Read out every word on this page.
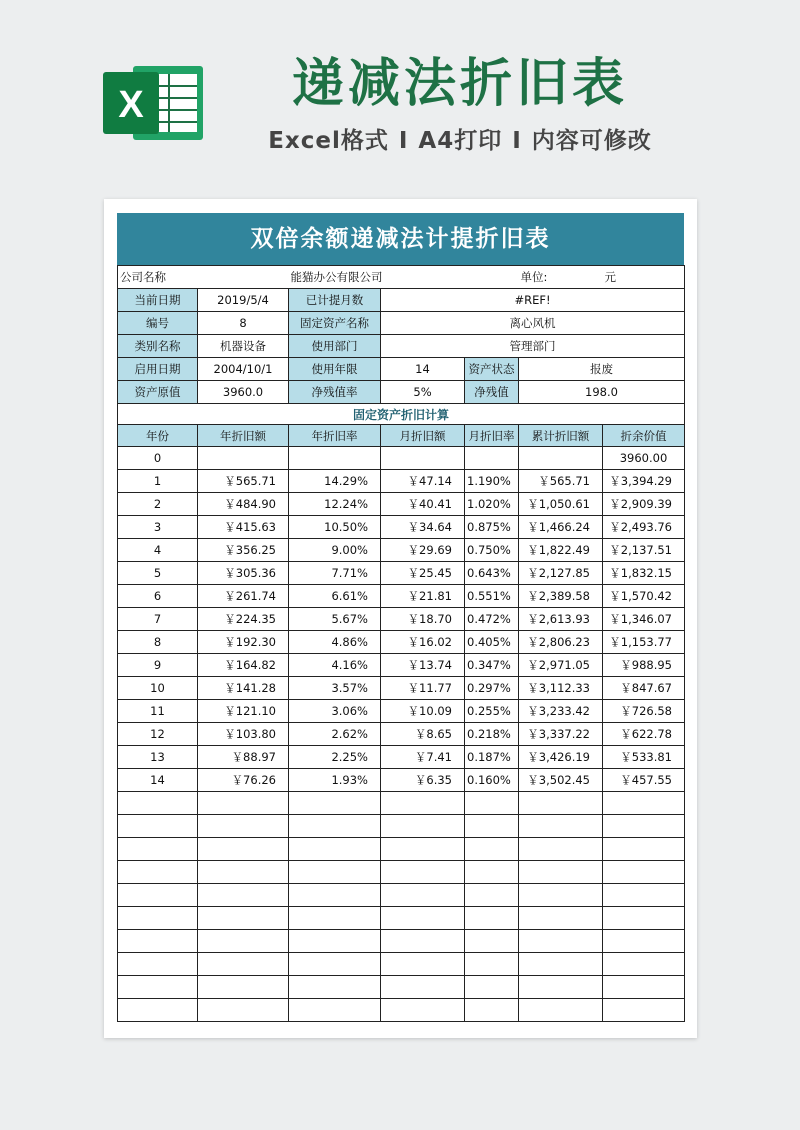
X	递减法折旧表
Excel格式 I A4打印 I 内容可修改
双倍余额递减法计提折旧表
公司名称		能猫办公有限公司			单位:	元
当前日期	2019/5/4	已计提月数	#REF!			
编号	8	固定资产名称	离心风机			
类别名称	机器设备	使用部门	管理部门			
启用日期	2004/10/1	使用年限	14	资产状态	报废	
资产原值	3960.0	净残值率	5%	净残值	198.0	
固定资产折旧计算						
年份	年折旧额	年折旧率	月折旧额	月折旧率	累计折旧额	折余价值
0						3960.00
1	￥565.71	14.29%	￥47.14	1.190%	￥565.71	￥3,394.29
2	￥484.90	12.24%	￥40.41	1.020%	￥1,050.61	￥2,909.39
3	￥415.63	10.50%	￥34.64	0.875%	￥1,466.24	￥2,493.76
4	￥356.25	9.00%	￥29.69	0.750%	￥1,822.49	￥2,137.51
5	￥305.36	7.71%	￥25.45	0.643%	￥2,127.85	￥1,832.15
6	￥261.74	6.61%	￥21.81	0.551%	￥2,389.58	￥1,570.42
7	￥224.35	5.67%	￥18.70	0.472%	￥2,613.93	￥1,346.07
8	￥192.30	4.86%	￥16.02	0.405%	￥2,806.23	￥1,153.77
9	￥164.82	4.16%	￥13.74	0.347%	￥2,971.05	￥988.95
10	￥141.28	3.57%	￥11.77	0.297%	￥3,112.33	￥847.67
11	￥121.10	3.06%	￥10.09	0.255%	￥3,233.42	￥726.58
12	￥103.80	2.62%	￥8.65	0.218%	￥3,337.22	￥622.78
13	￥88.97	2.25%	￥7.41	0.187%	￥3,426.19	￥533.81
14	￥76.26	1.93%	￥6.35	0.160%	￥3,502.45	￥457.55
